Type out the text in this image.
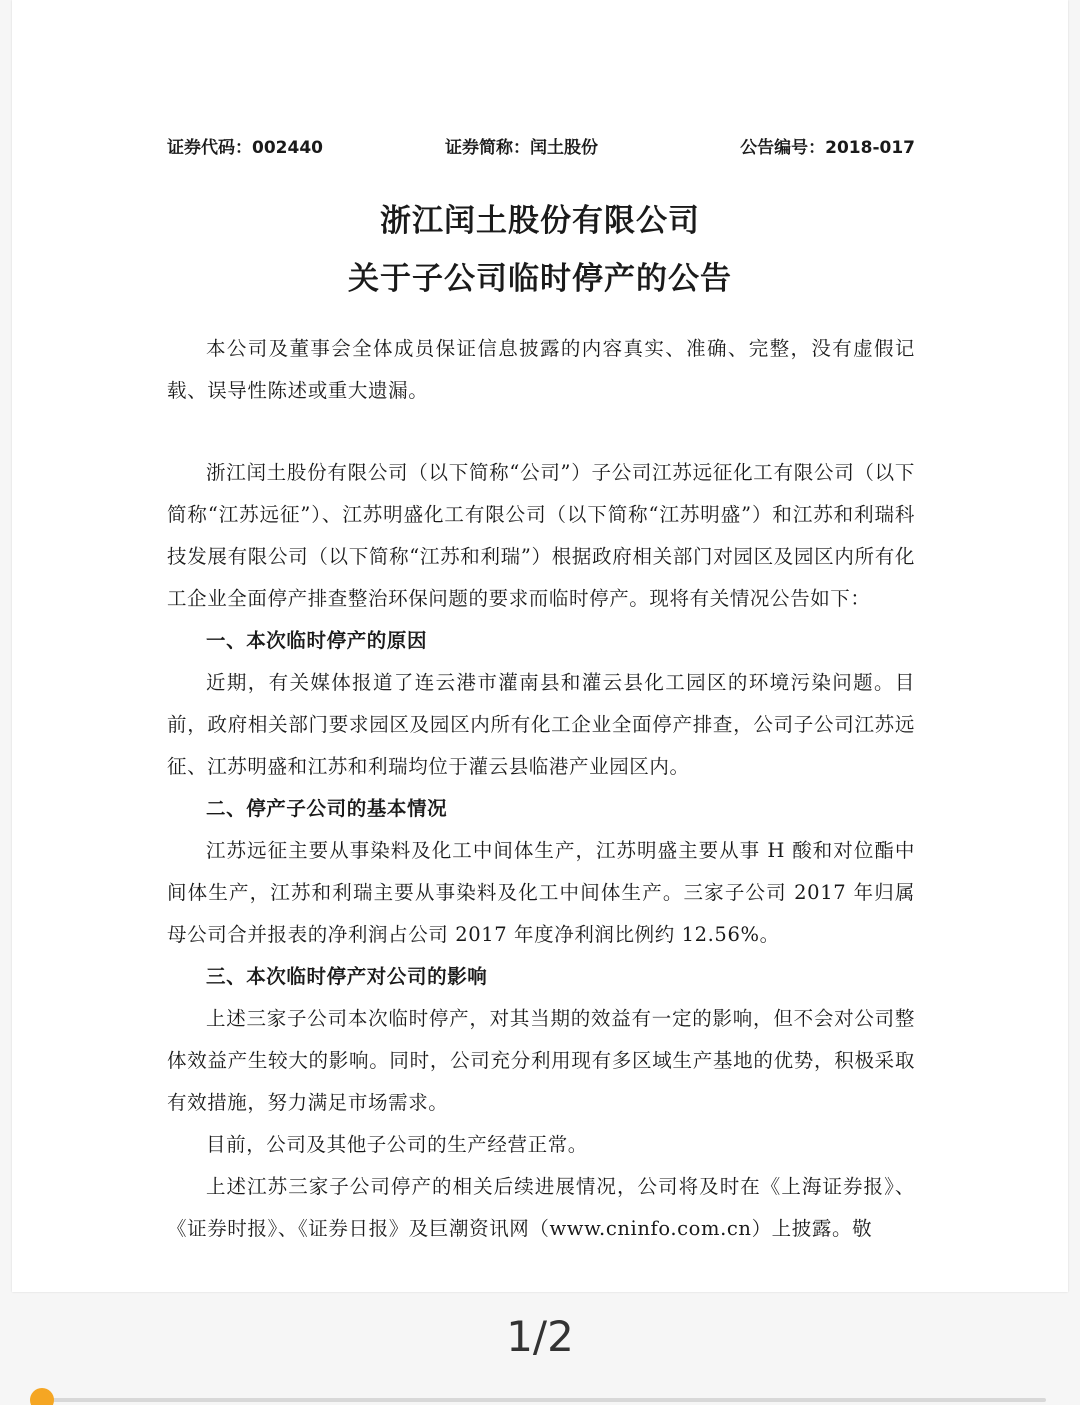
证券代码：002440	证券简称：闰土股份	公告编号：2018-017
浙江闰土股份有限公司
关于子公司临时停产的公告

本公司及董事会全体成员保证信息披露的内容真实、准确、完整，没有虚假记载、误导性陈述或重大遗漏。

浙江闰土股份有限公司（以下简称“公司”）子公司江苏远征化工有限公司（以下简称“江苏远征”）、江苏明盛化工有限公司（以下简称“江苏明盛”）和江苏和利瑞科技发展有限公司（以下简称“江苏和利瑞”）根据政府相关部门对园区及园区内所有化工企业全面停产排查整治环保问题的要求而临时停产。现将有关情况公告如下：

一、本次临时停产的原因

近期，有关媒体报道了连云港市灌南县和灌云县化工园区的环境污染问题。目前，政府相关部门要求园区及园区内所有化工企业全面停产排查，公司子公司江苏远征、江苏明盛和江苏和利瑞均位于灌云县临港产业园区内。

二、停产子公司的基本情况

江苏远征主要从事染料及化工中间体生产，江苏明盛主要从事 H 酸和对位酯中间体生产，江苏和利瑞主要从事染料及化工中间体生产。三家子公司 2017 年归属母公司合并报表的净利润占公司 2017 年度净利润比例约 12.56%。

三、本次临时停产对公司的影响

上述三家子公司本次临时停产，对其当期的效益有一定的影响，但不会对公司整体效益产生较大的影响。同时，公司充分利用现有多区域生产基地的优势，积极采取有效措施，努力满足市场需求。

目前，公司及其他子公司的生产经营正常。

上述江苏三家子公司停产的相关后续进展情况，公司将及时在《上海证券报》、《证券时报》、《证券日报》及巨潮资讯网（www.cninfo.com.cn）上披露。敬

1/2
